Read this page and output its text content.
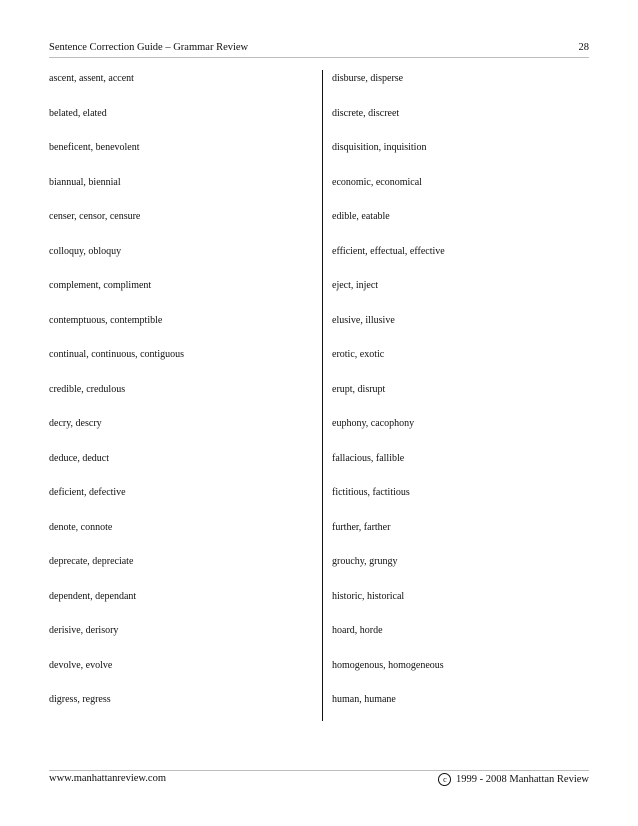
Sentence Correction Guide – Grammar Review	28
ascent, assent, accent
belated, elated
beneficent, benevolent
biannual, biennial
censer, censor, censure
colloquy, obloquy
complement, compliment
contemptuous, contemptible
continual, continuous, contiguous
credible, credulous
decry, descry
deduce, deduct
deficient, defective
denote, connote
deprecate, depreciate
dependent, dependant
derisive, derisory
devolve, evolve
digress, regress
disburse, disperse
discrete, discreet
disquisition, inquisition
economic, economical
edible, eatable
efficient, effectual, effective
eject, inject
elusive, illusive
erotic, exotic
erupt, disrupt
euphony, cacophony
fallacious, fallible
fictitious, factitious
further, farther
grouchy, grungy
historic, historical
hoard, horde
homogenous, homogeneous
human, humane
www.manhattanreview.com	c 1999 - 2008 Manhattan Review
